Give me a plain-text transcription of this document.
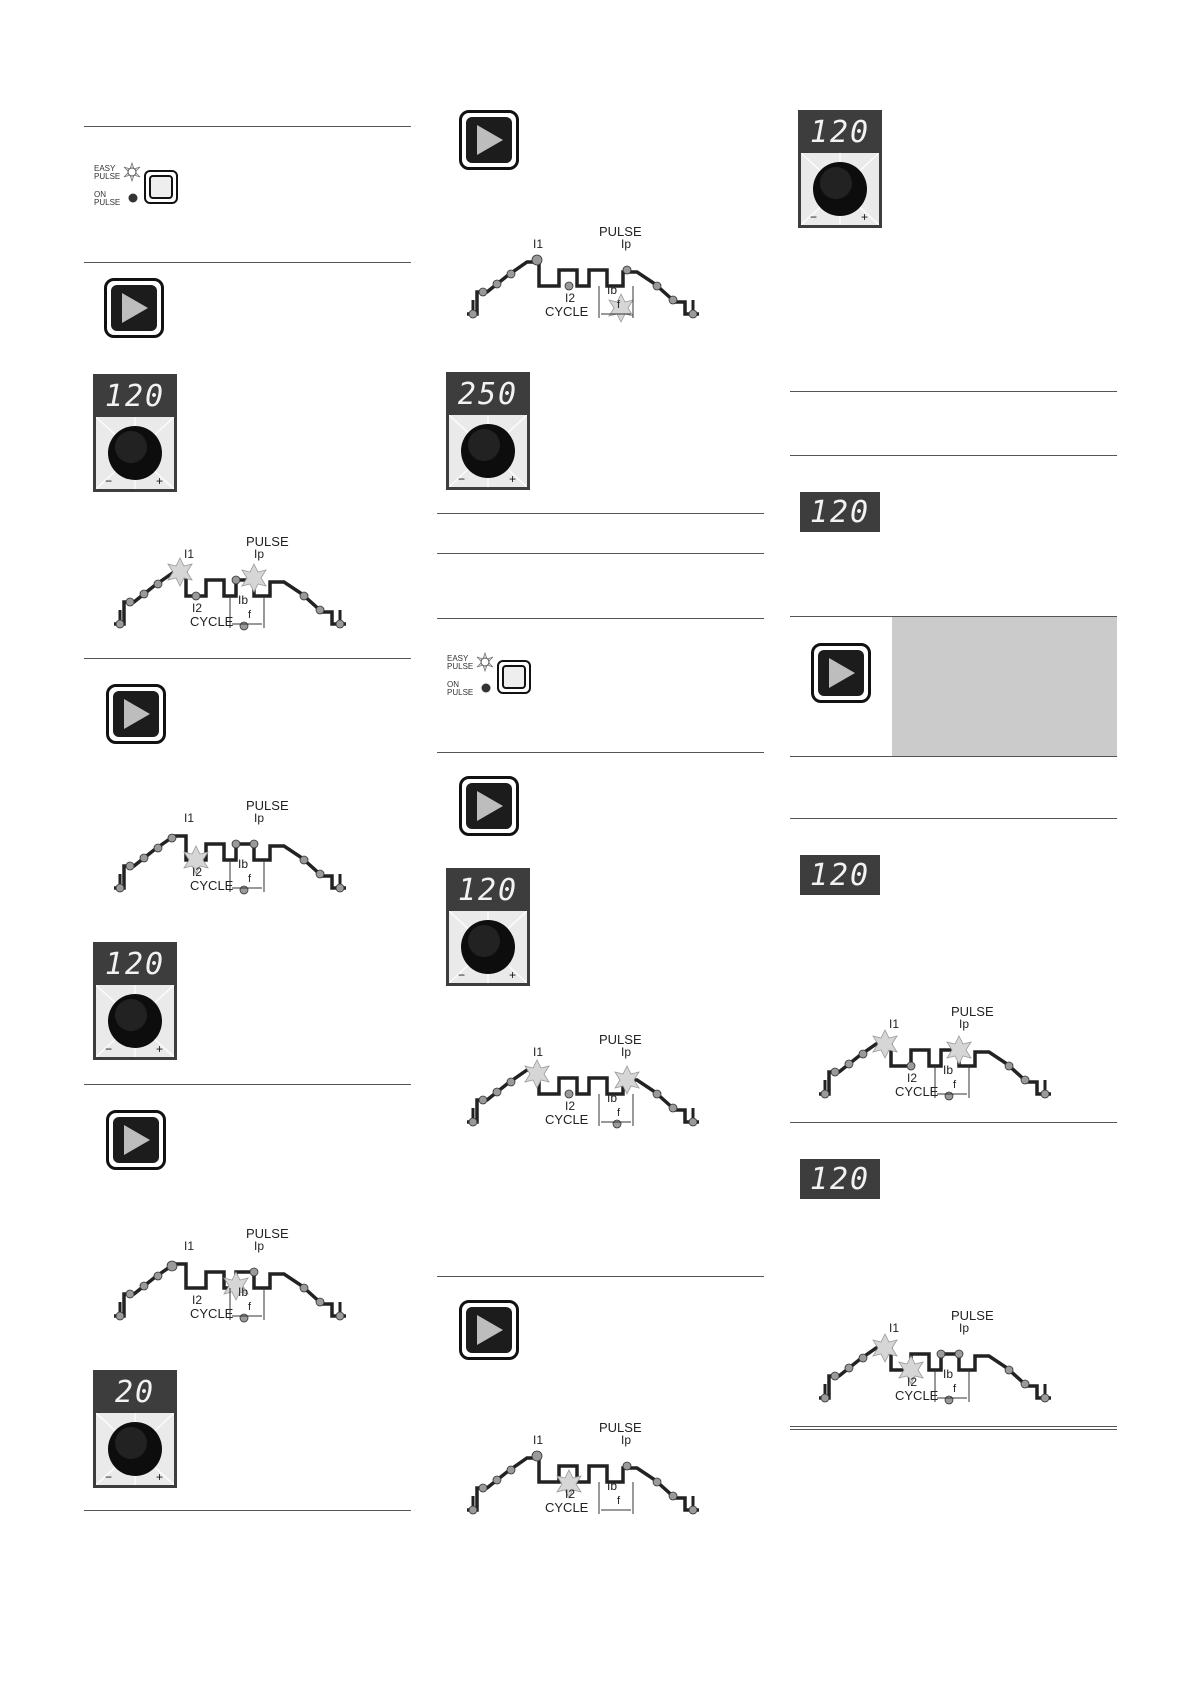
EASY
PULSE
ON
PULSE
120
−	+
PULSE
I1	Ip
I2
Ib
f
CYCLE
PULSE
I1	Ip
I2
Ib
f
CYCLE
120
−	+
PULSE
I1	Ip
I2
Ib
f
CYCLE
20
−	+
PULSE
I1	Ip
I2
Ib
f
CYCLE
250
−	+
EASY
PULSE
ON
PULSE
120
−	+
PULSE
I1	Ip
I2
Ib
f
CYCLE
PULSE
I1	Ip
I2
Ib
f
CYCLE
120
−	+
120
120
PULSE
I1	Ip
I2
Ib
f
CYCLE
120
PULSE
I1	Ip
I2
Ib
f
CYCLE
